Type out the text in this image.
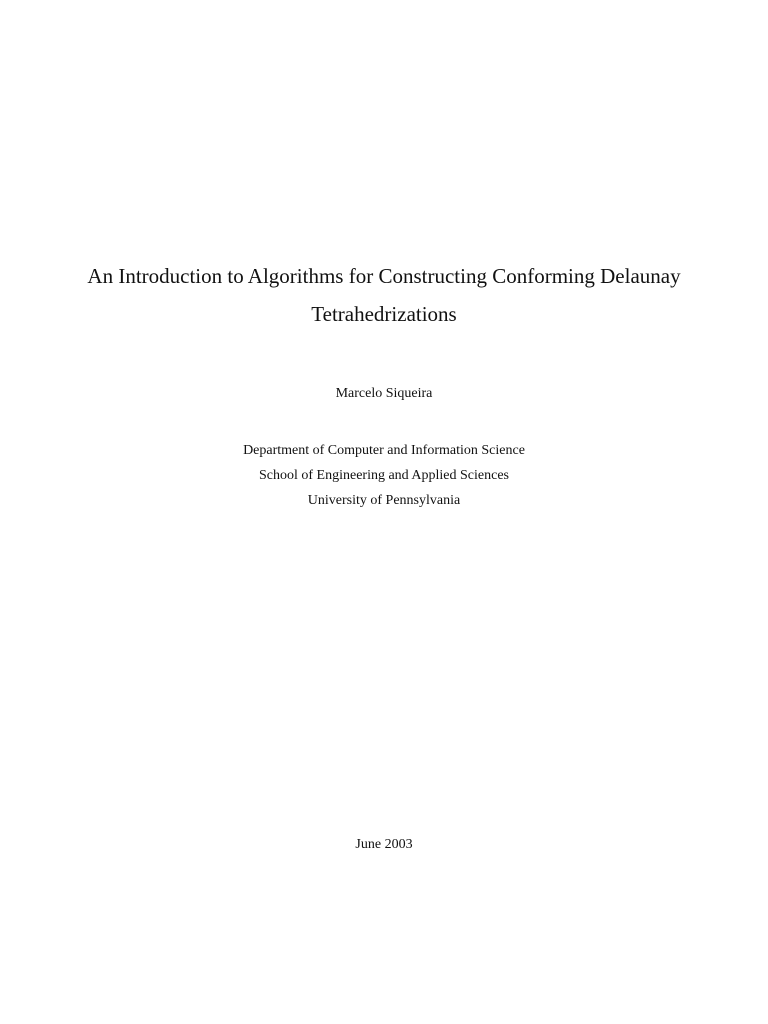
An Introduction to Algorithms for Constructing Conforming Delaunay
Tetrahedrizations
Marcelo Siqueira
Department of Computer and Information Science
School of Engineering and Applied Sciences
University of Pennsylvania
June 2003
